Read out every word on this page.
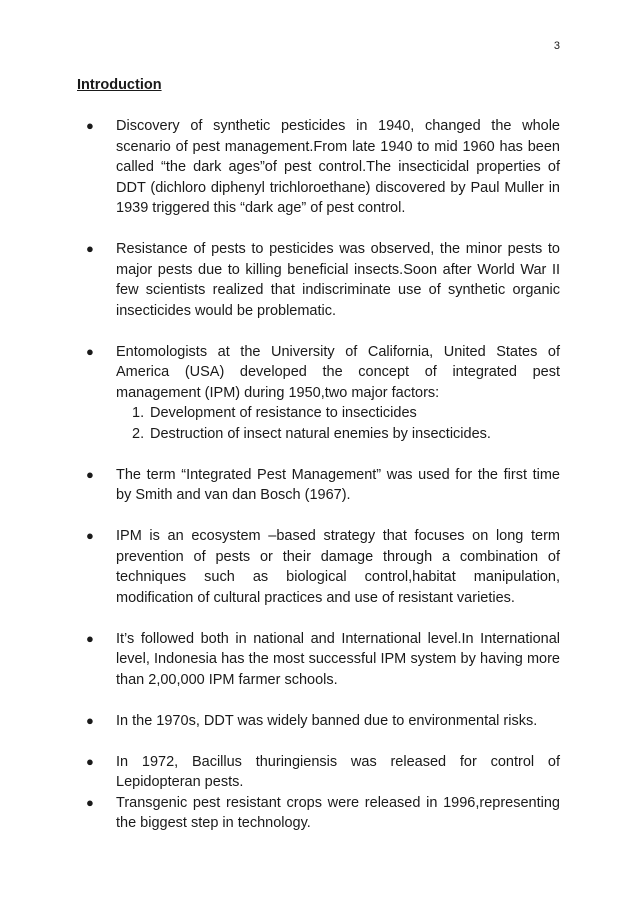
3
Introduction
● Discovery of synthetic pesticides in 1940, changed the whole scenario of pest management.From late 1940 to mid 1960 has been called “the dark ages”of pest control.The insecticidal properties of DDT (dichloro diphenyl trichloroethane) discovered by Paul Muller in 1939 triggered this “dark age” of pest control.
● Resistance of pests to pesticides was observed, the minor pests to major pests due to killing beneficial insects.Soon after World War II few scientists realized that indiscriminate use of synthetic organic insecticides would be problematic.
● Entomologists at the University of California, United States of America (USA) developed the concept of integrated pest management (IPM) during 1950,two major factors:
1. Development of resistance to insecticides
2. Destruction of insect natural enemies by insecticides.
● The term “Integrated Pest Management” was used for the first time by Smith and van dan Bosch (1967).
● IPM is an ecosystem –based strategy that focuses on long term prevention of pests or their damage through a combination of techniques such as biological control,habitat manipulation, modification of cultural practices and use of resistant varieties.
● It’s followed both in national and International level.In International level, Indonesia has the most successful IPM system by having more than 2,00,000 IPM farmer schools.
● In the 1970s, DDT was widely banned due to environmental risks.
● In 1972, Bacillus thuringiensis was released for control of Lepidopteran pests.
● Transgenic pest resistant crops were released in 1996,representing the biggest step in technology.
